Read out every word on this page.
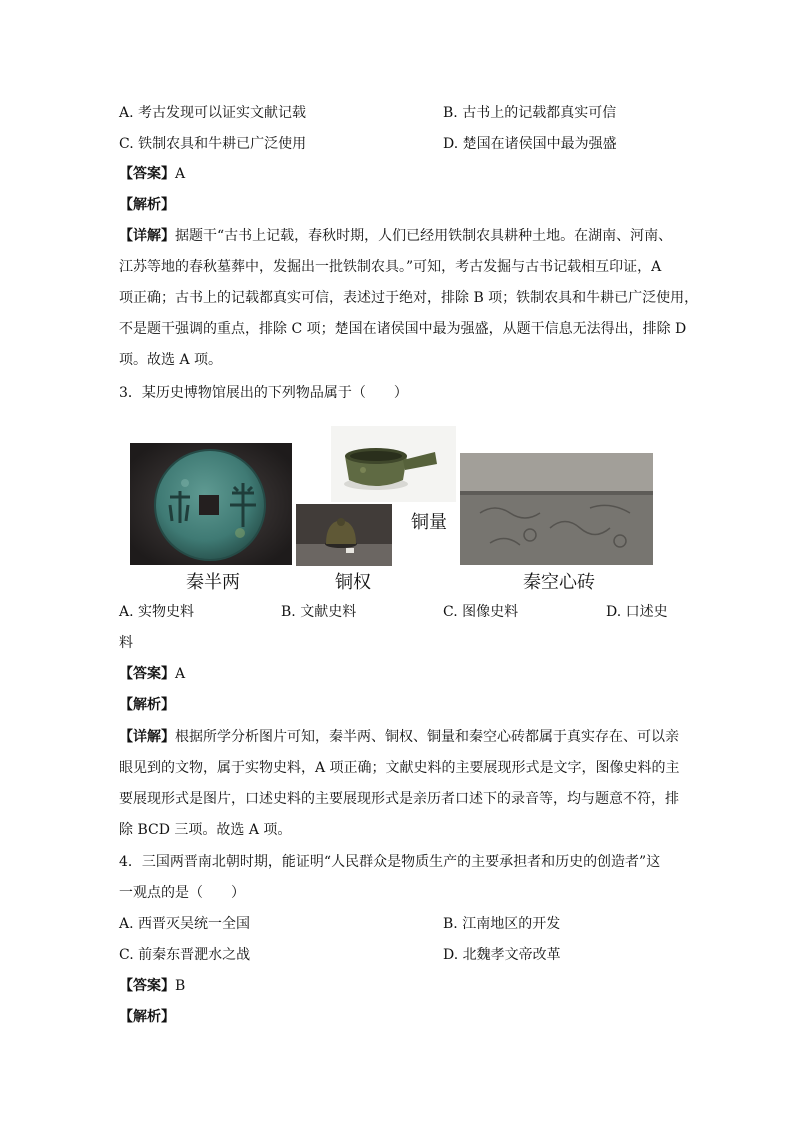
A. 考古发现可以证实文献记载	B. 古书上的记载都真实可信
C. 铁制农具和牛耕已广泛使用	D. 楚国在诸侯国中最为强盛
【答案】A
【解析】
【详解】据题干“古书上记载，春秋时期，人们已经用铁制农具耕种土地。在湖南、河南、
江苏等地的春秋墓葬中，发掘出一批铁制农具。”可知，考古发掘与古书记载相互印证，A
项正确；古书上的记载都真实可信，表述过于绝对，排除 B 项；铁制农具和牛耕已广泛使用，
不是题干强调的重点，排除 C 项；楚国在诸侯国中最为强盛，从题干信息无法得出，排除 D
项。故选 A 项。
3．某历史博物馆展出的下列物品属于（　　）
秦半两	铜权
铜量
秦空心砖
A. 实物史料	B. 文献史料	C. 图像史料	D. 口述史
料
【答案】A
【解析】
【详解】根据所学分析图片可知，秦半两、铜权、铜量和秦空心砖都属于真实存在、可以亲
眼见到的文物，属于实物史料，A 项正确；文献史料的主要展现形式是文字，图像史料的主
要展现形式是图片，口述史料的主要展现形式是亲历者口述下的录音等，均与题意不符，排
除 BCD 三项。故选 A 项。
4．三国两晋南北朝时期，能证明“人民群众是物质生产的主要承担者和历史的创造者”这
一观点的是（　　）
A. 西晋灭吴统一全国	B. 江南地区的开发
C. 前秦东晋淝水之战	D. 北魏孝文帝改革
【答案】B
【解析】
